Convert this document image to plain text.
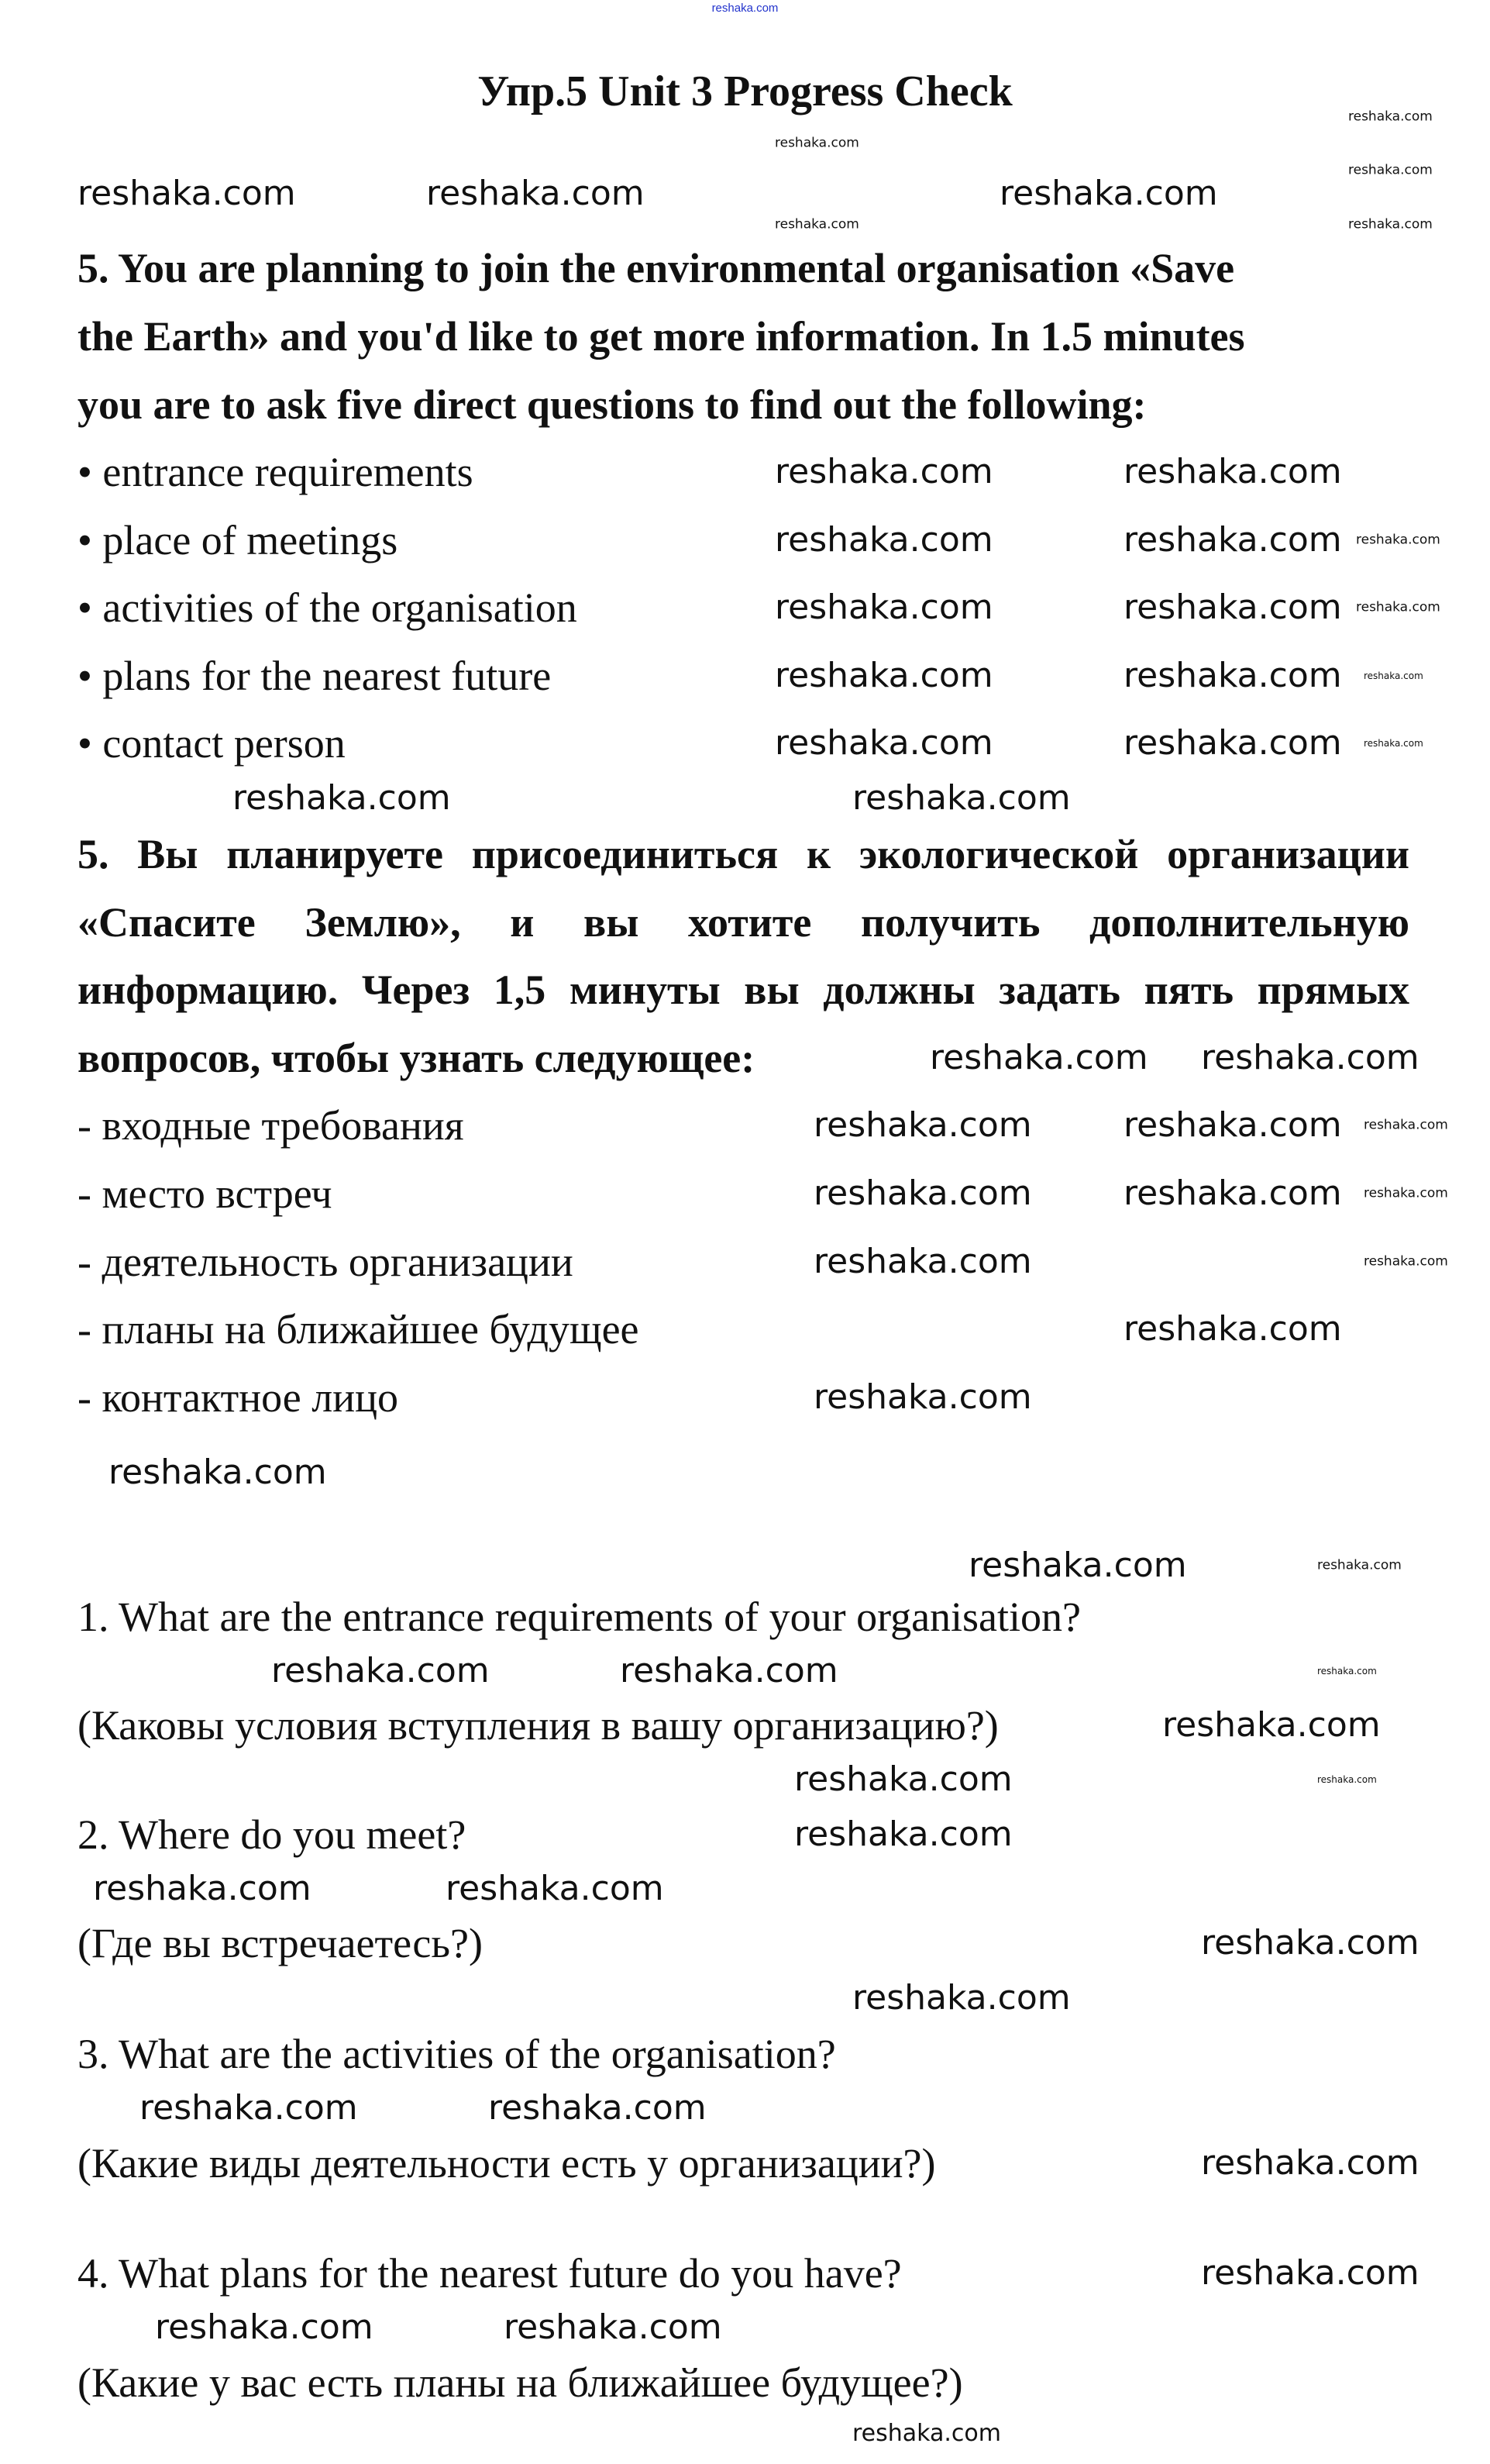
reshaka.com
Упр.5 Unit 3 Progress Check
5. You are planning to join the environmental organisation «Save
the Earth» and you'd like to get more information. In 1.5 minutes
you are to ask five direct questions to find out the following:
• entrance requirements
• place of meetings
• activities of the organisation
• plans for the nearest future
• contact person
5. Вы планируете присоединиться к экологической организации
«Спасите Землю», и вы хотите получить дополнительную
информацию. Через 1,5 минуты вы должны задать пять прямых
вопросов, чтобы узнать следующее:
- входные требования
- место встреч
- деятельность организации
- планы на ближайшее будущее
- контактное лицо
1. What are the entrance requirements of your organisation?
(Каковы условия вступления в вашу организацию?)
2. Where do you meet?
(Где вы встречаетесь?)
3. What are the activities of the organisation?
(Какие виды деятельности есть у организации?)
4. What plans for the nearest future do you have?
(Какие у вас есть планы на ближайшее будущее?)
reshaka.com	reshaka.com	reshaka.com
reshaka.com	reshaka.com
reshaka.com	reshaka.com
reshaka.com	reshaka.com
reshaka.com	reshaka.com
reshaka.com	reshaka.com
reshaka.com	reshaka.com
reshaka.com reshaka.com
reshaka.com	reshaka.com
reshaka.com	reshaka.com
reshaka.com
reshaka.com
reshaka.com
reshaka.com
reshaka.com
reshaka.com	reshaka.com
reshaka.com
reshaka.com
reshaka.com
reshaka.com	reshaka.com
reshaka.com
reshaka.com
reshaka.com	reshaka.com
reshaka.com
reshaka.com
reshaka.com	reshaka.com
reshaka.com
reshaka.com
reshaka.com
reshaka.com	reshaka.com
reshaka.com
reshaka.com
reshaka.com
reshaka.com
reshaka.com
reshaka.com
reshaka.com
reshaka.com
reshaka.com
reshaka.com
reshaka.com
